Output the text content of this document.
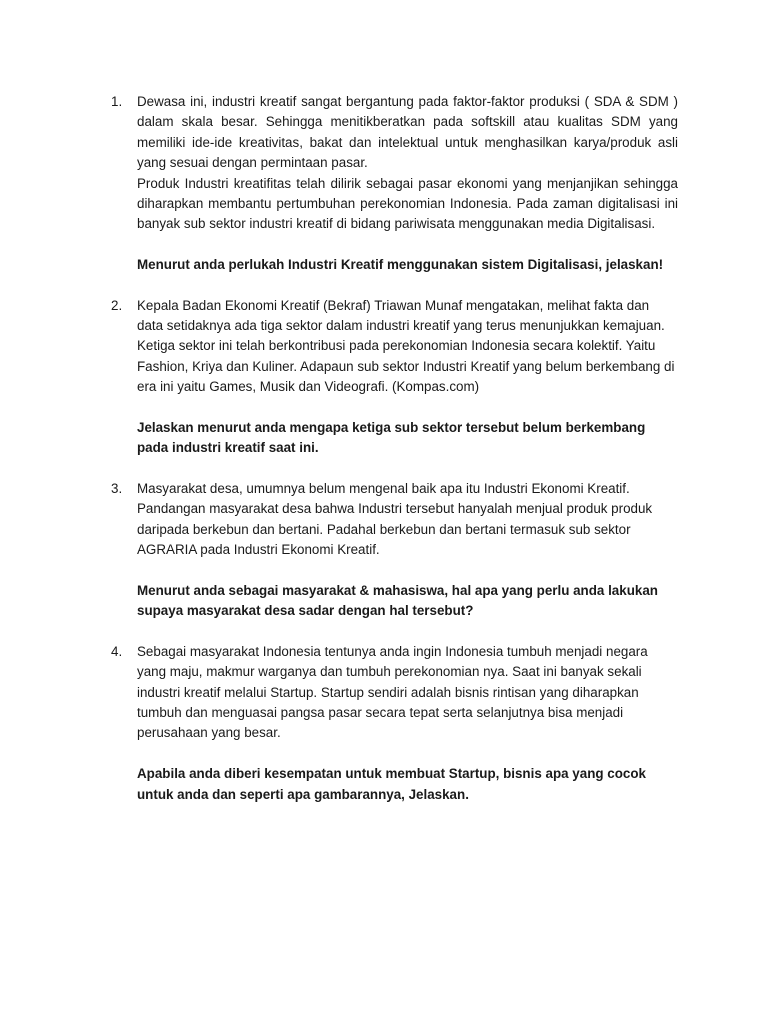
1. Dewasa ini, industri kreatif sangat bergantung pada faktor-faktor produksi ( SDA & SDM ) dalam skala besar. Sehingga menitikberatkan pada softskill atau kualitas SDM yang memiliki ide-ide kreativitas, bakat dan intelektual untuk menghasilkan karya/produk asli yang sesuai dengan permintaan pasar.

Produk Industri kreatifitas telah dilirik sebagai pasar ekonomi yang menjanjikan sehingga diharapkan membantu pertumbuhan perekonomian Indonesia. Pada zaman digitalisasi ini banyak sub sektor industri kreatif di bidang pariwisata menggunakan media Digitalisasi.

Menurut anda perlukah Industri Kreatif menggunakan sistem Digitalisasi, jelaskan!

2. Kepala Badan Ekonomi Kreatif (Bekraf) Triawan Munaf mengatakan, melihat fakta dan data setidaknya ada tiga sektor dalam industri kreatif yang terus menunjukkan kemajuan. Ketiga sektor ini telah berkontribusi pada perekonomian Indonesia secara kolektif. Yaitu Fashion, Kriya dan Kuliner. Adapaun sub sektor Industri Kreatif yang belum berkembang di era ini yaitu Games, Musik dan Videografi. (Kompas.com)

Jelaskan menurut anda mengapa ketiga sub sektor tersebut belum berkembang pada industri kreatif saat ini.

3. Masyarakat desa, umumnya belum mengenal baik apa itu Industri Ekonomi Kreatif. Pandangan masyarakat desa bahwa Industri tersebut hanyalah menjual produk produk daripada berkebun dan bertani. Padahal berkebun dan bertani termasuk sub sektor AGRARIA pada Industri Ekonomi Kreatif.

Menurut anda sebagai masyarakat & mahasiswa, hal apa yang perlu anda lakukan supaya masyarakat desa sadar dengan hal tersebut?

4. Sebagai masyarakat Indonesia tentunya anda ingin Indonesia tumbuh menjadi negara yang maju, makmur warganya dan tumbuh perekonomian nya. Saat ini banyak sekali industri kreatif melalui Startup. Startup sendiri adalah bisnis rintisan yang diharapkan tumbuh dan menguasai pangsa pasar secara tepat serta selanjutnya bisa menjadi perusahaan yang besar.

Apabila anda diberi kesempatan untuk membuat Startup, bisnis apa yang cocok untuk anda dan seperti apa gambarannya, Jelaskan.
